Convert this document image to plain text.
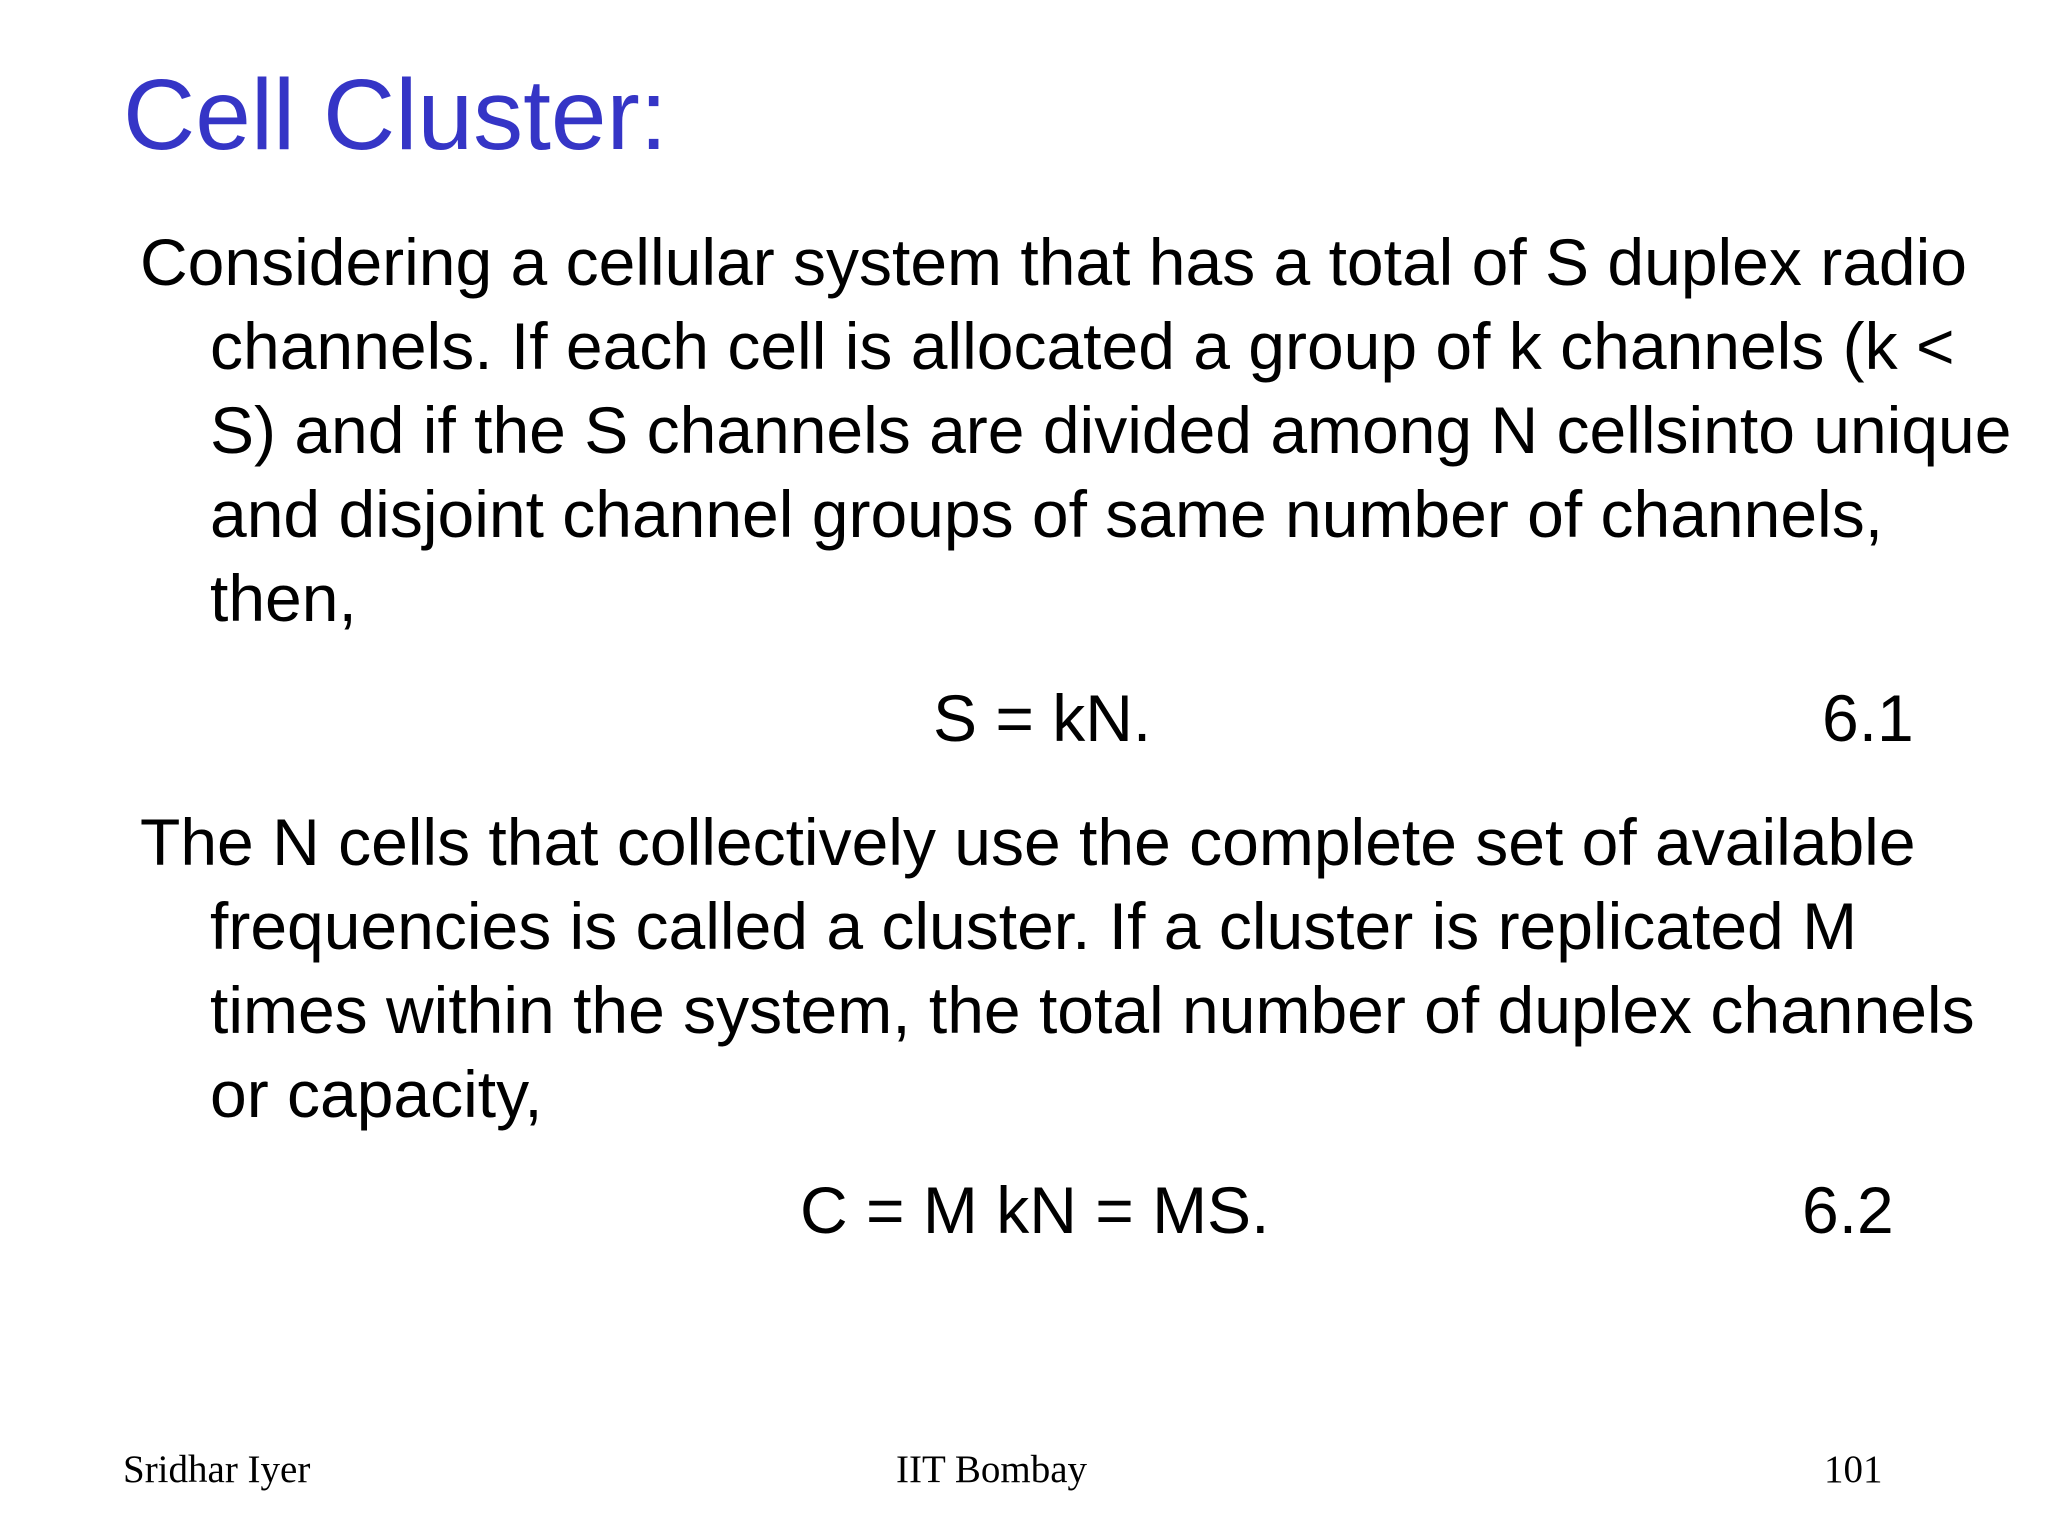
Cell Cluster:

Considering a cellular system that has a total of S duplex radio channels. If each cell is allocated a group of k channels (k < S) and if the S channels are divided among N cellsinto unique and disjoint channel groups of same number of channels, then,

S = kN.	6.1

The N cells that collectively use the complete set of available frequencies is called a cluster. If a cluster is replicated M times within the system, the total number of duplex channels or capacity,

C = M kN = MS.	6.2
Sridhar Iyer	IIT Bombay	101
